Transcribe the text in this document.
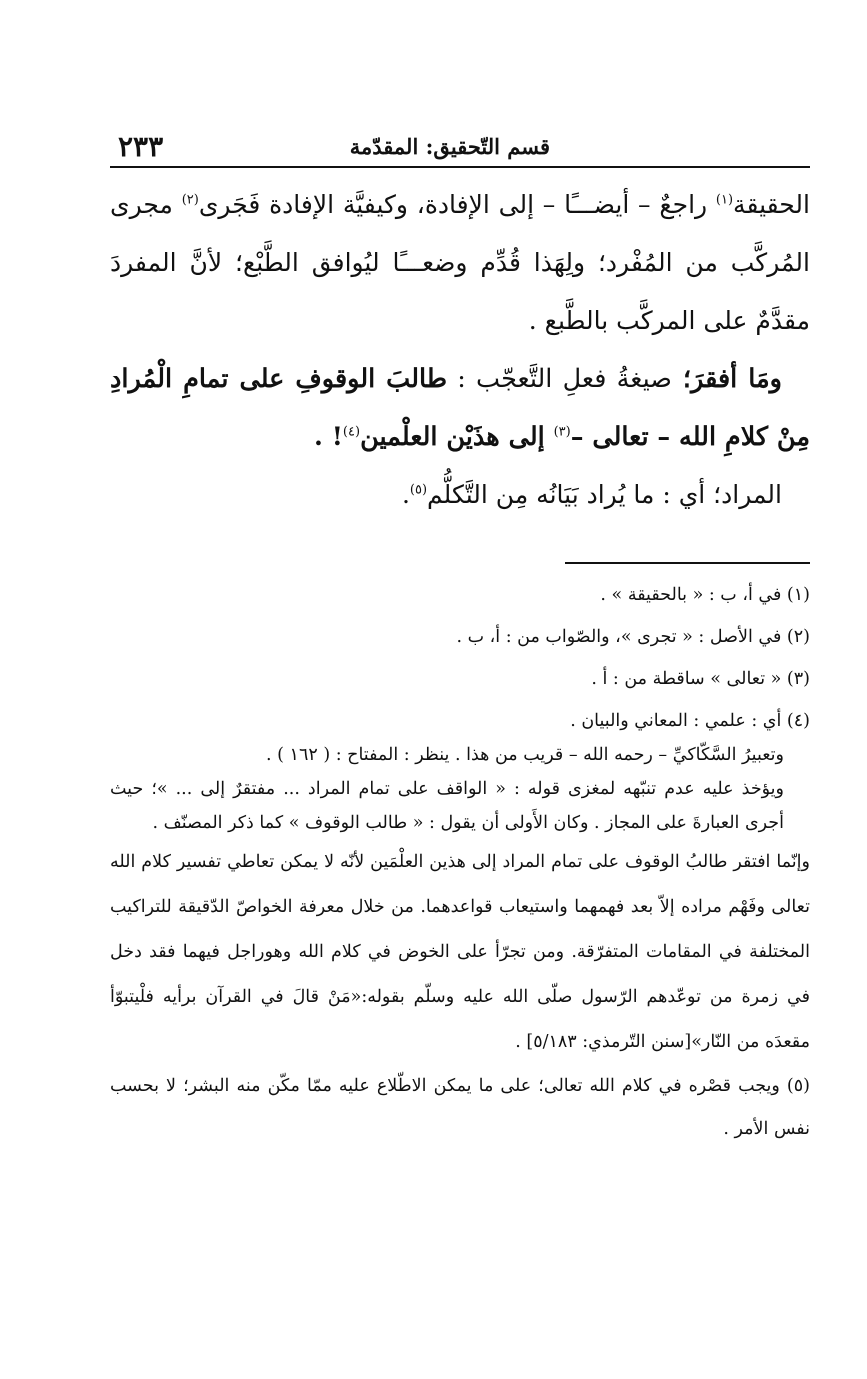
قسم التّحقيق: المقدّمة
٢٣٣

الحقيقة$^{(١)}$ راجعٌ – أيضـــًا – إلى الإفادة، وكيفيَّة الإفادة فَجَرى$^{(٢)}$ مجرى المُركَّب من المُفْرد؛ ولِهَذا قُدِّم وضعـــًا ليُوافق الطَّبْع؛ لأنَّ المفردَ مقدَّمٌ على المركَّب بالطَّبع .

ومَا أفقرَ؛ صيغةُ فعلِ التَّعجّب : طالبَ الوقوفِ على تمامِ الْمُرادِ مِنْ كلامِ الله – تعالى –$^{(٣)}$ إلى هذَيْن العلْمين$^{(٤)}$! .

المراد؛ أي : ما يُراد بَيَانُه مِن التَّكلُّم$^{(٥)}$.

(١) في أ، ب : « بالحقيقة » .

(٢) في الأصل : « تجرى »، والصّواب من : أ، ب .

(٣) « تعالى » ساقطة من : أ .

(٤) أي : علمي : المعاني والبيان .

وتعبيرُ السَّكّاكيِّ – رحمه الله – قريب من هذا . ينظر : المفتاح : ( ١٦٢ ) .

ويؤخذ عليه عدم تنبّهه لمغزى قوله : « الواقف على تمام المراد ... مفتقرٌ إلى ... »؛ حيث أجرى العبارةَ على المجاز . وكان الأَولى أن يقول : « طالب الوقوف » كما ذكر المصنّف .

وإنّما افتقر طالبُ الوقوف على تمام المراد إلى هذين العلْمَين لأنّه لا يمكن تعاطي تفسير كلام الله تعالى وفَهْم مراده إلاّ بعد فهمهما واستيعاب قواعدهما. من خلال معرفة الخواصّ الدّقيقة للتراكيب المختلفة في المقامات المتفرّقة. ومن تجرّأ على الخوض في كلام الله وهوراجل فيهما فقد دخل في زمرة من توعّدهم الرّسول صلّى الله عليه وسلّم بقوله:«مَنْ قالَ في القرآن برأيه فلْيتبوّأ مقعدَه من النّار»[سنن التّرمذي: ٥/١٨٣] .

(٥) ويجب قصْره في كلام الله تعالى؛ على ما يمكن الاطّلاع عليه ممّا مكّن منه البشر؛ لا بحسب نفس الأمر .
